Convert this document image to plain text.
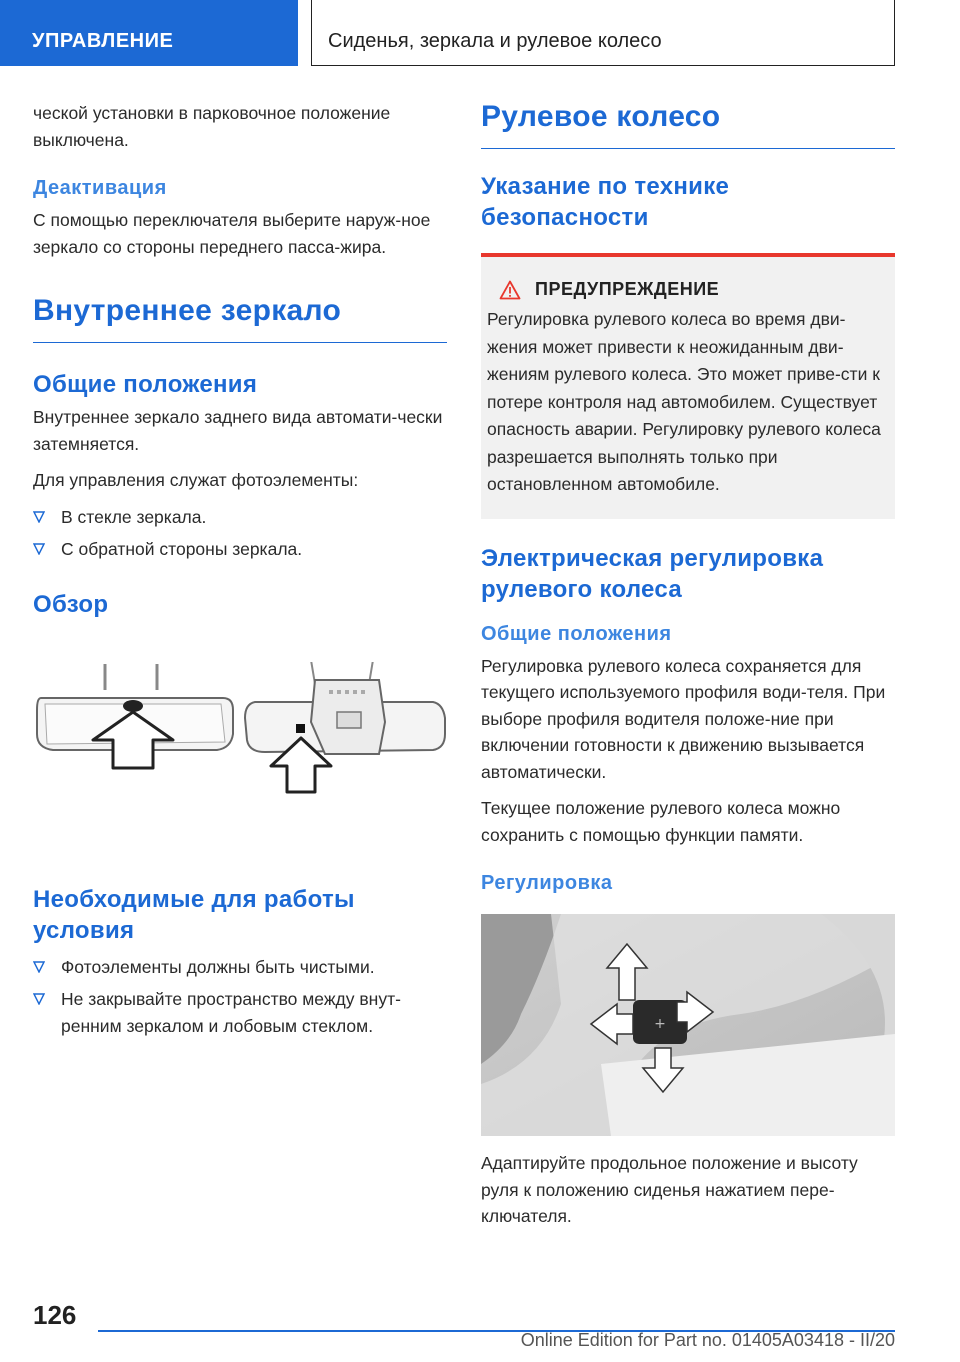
УПРАВЛЕНИЕ	Сиденья, зеркала и рулевое колесо

ческой установки в парковочное положение выключена.

Деактивация

С помощью переключателя выберите наруж-ное зеркало со стороны переднего пасса-жира.

Внутреннее зеркало
Общие положения

Внутреннее зеркало заднего вида автомати-чески затемняется.

Для управления служат фотоэлементы:

В стекле зеркала.
С обратной стороны зеркала.
Обзор
Необходимые для работы условия
Фотоэлементы должны быть чистыми.
Не закрывайте пространство между внут-ренним зеркалом и лобовым стеклом.
Рулевое колесо
Указание по технике безопасности
ПРЕДУПРЕЖДЕНИЕ

Регулировка рулевого колеса во время дви-жения может привести к неожиданным дви-жениям рулевого колеса. Это может приве-сти к потере контроля над автомобилем. Существует опасность аварии. Регулировку рулевого колеса разрешается выполнять только при остановленном автомобиле.

Электрическая регулировка рулевого колеса
Общие положения

Регулировка рулевого колеса сохраняется для текущего используемого профиля води-теля. При выборе профиля водителя положе-ние при включении готовности к движению вызывается автоматически.

Текущее положение рулевого колеса можно сохранить с помощью функции памяти.

Регулировка
+

Адаптируйте продольное положение и высоту руля к положению сиденья нажатием пере-ключателя.

126
Online Edition for Part no. 01405A03418 - II/20
